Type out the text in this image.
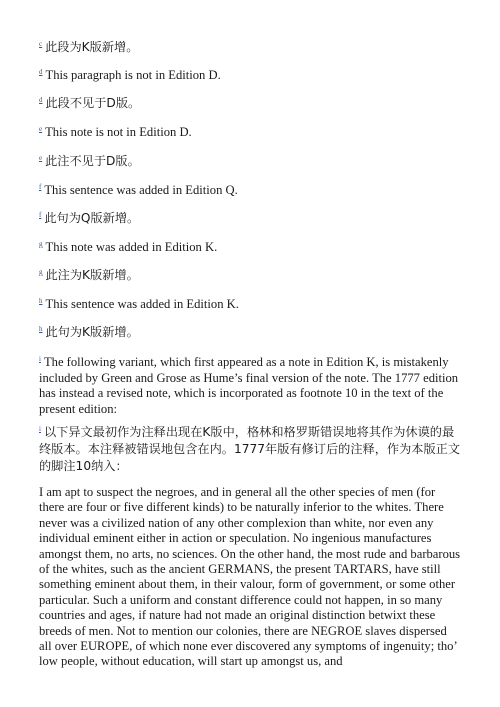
$^c$ 此段为K版新增。

$^d$ This paragraph is not in Edition D.

$^d$ 此段不见于D版。

$^e$ This note is not in Edition D.

$^e$ 此注不见于D版。

$^f$ This sentence was added in Edition Q.

$^f$ 此句为Q版新增。

$^g$ This note was added in Edition K.

$^g$ 此注为K版新增。

$^h$ This sentence was added in Edition K.

$^h$ 此句为K版新增。

$^i$ The following variant, which first appeared as a note in Edition K, is mistakenly included by Green and Grose as Hume’s final version of the note. The 1777 edition has instead a revised note, which is incorporated as footnote 10 in the text of the present edition:

$^i$ 以下异文最初作为注释出现在K版中，格林和格罗斯错误地将其作为休谟的最终版本。本注释被错误地包含在内。1777年版有修订后的注释，作为本版正文的脚注10纳入：

I am apt to suspect the negroes, and in general all the other species of men (for there are four or five different kinds) to be naturally inferior to the whites. There never was a civilized nation of any other complexion than white, nor even any individual eminent either in action or speculation. No ingenious manufactures amongst them, no arts, no sciences. On the other hand, the most rude and barbarous of the whites, such as the ancient GERMANS, the present TARTARS, have still something eminent about them, in their valour, form of government, or some other particular. Such a uniform and constant difference could not happen, in so many countries and ages, if nature had not made an original distinction betwixt these breeds of men. Not to mention our colonies, there are NEGROE slaves dispersed all over EUROPE, of which none ever discovered any symptoms of ingenuity; tho’ low people, without education, will start up amongst us, and
